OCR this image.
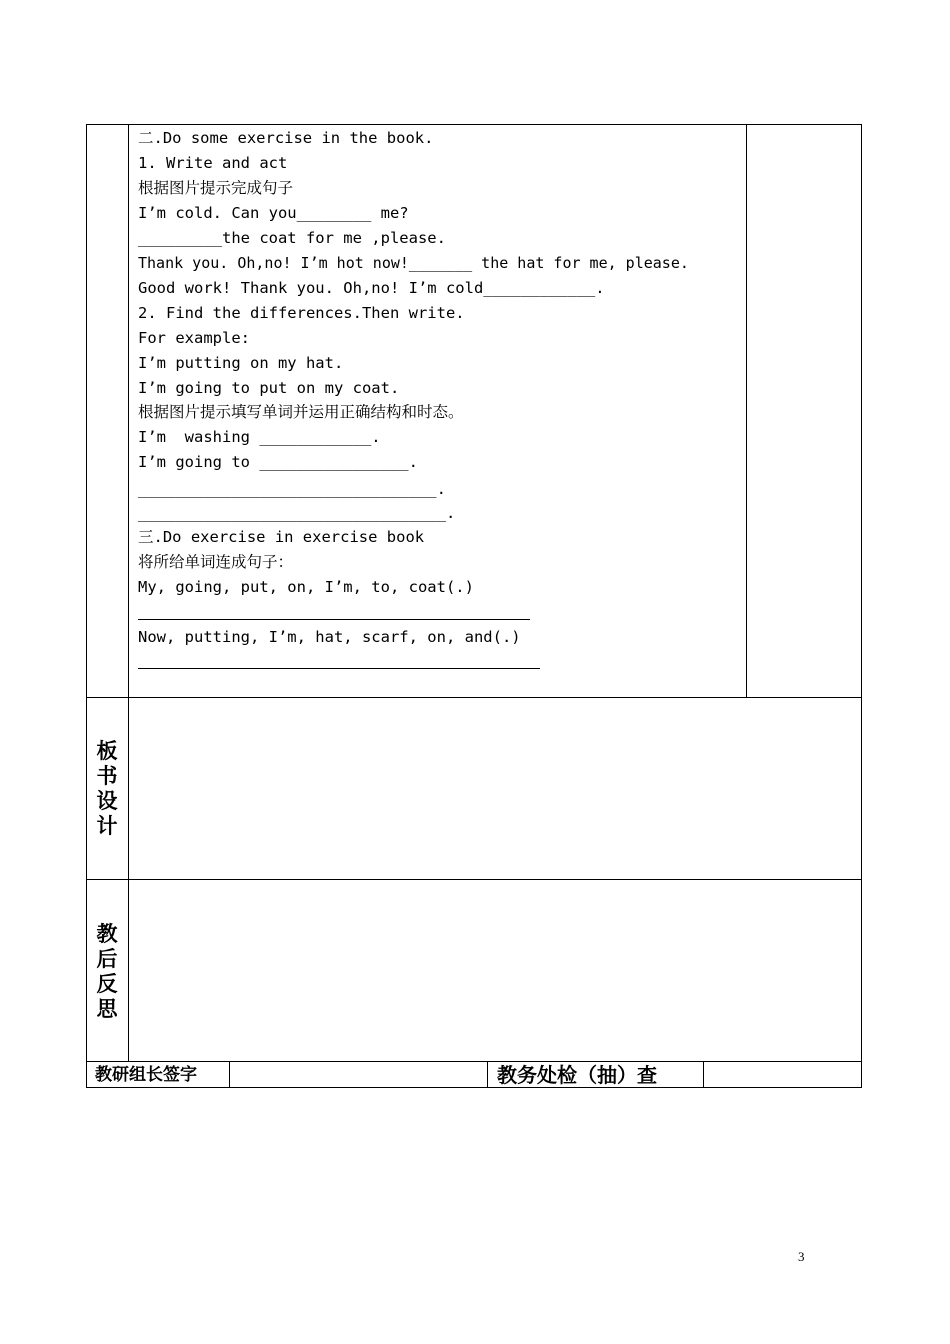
二.Do some exercise in the book.
1. Write and act
根据图片提示完成句子
I’m cold. Can you________ me?
_________the coat for me ,please.
Thank you. Oh,no! I’m hot now!_______ the hat for me, please.
Good work! Thank you. Oh,no! I’m cold____________.
2. Find the differences.Then write.
For example:
I’m putting on my hat.
I’m going to put on my coat.
根据图片提示填写单词并运用正确结构和时态。
I’m  washing ____________.
I’m going to ________________.
________________________________.
_________________________________.
三.Do exercise in exercise book
将所给单词连成句子：
My, going, put, on, I’m, to, coat(.)
Now, putting, I’m, hat, scarf, on, and(.)
板书设计
教后反思
教研组长签字	教务处检（抽）查
3
